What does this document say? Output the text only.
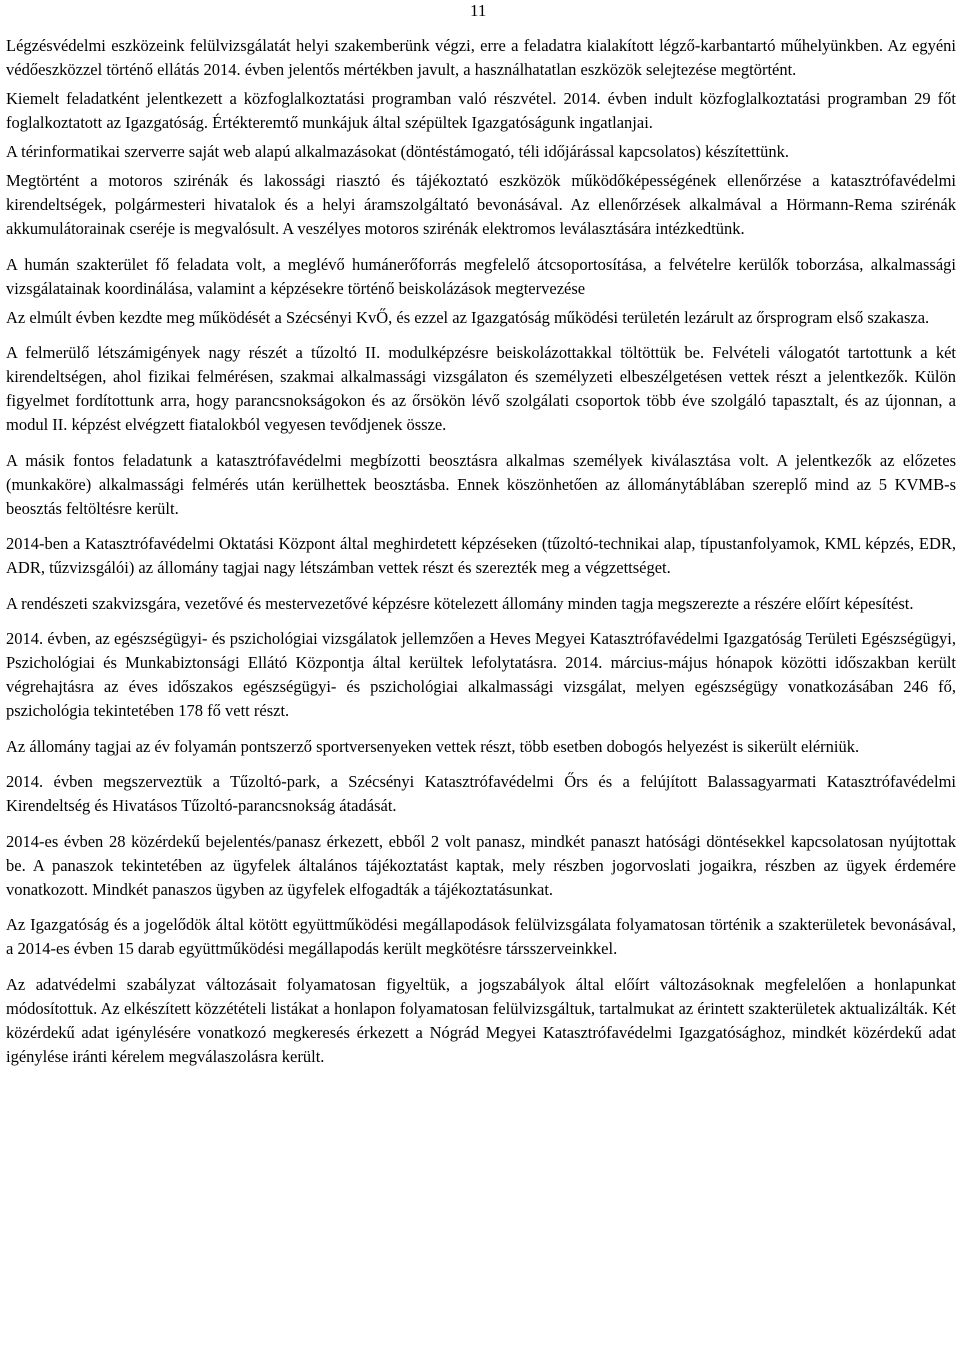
11

Légzésvédelmi eszközeink felülvizsgálatát helyi szakemberünk végzi, erre a feladatra kialakított légző-karbantartó műhelyünkben. Az egyéni védőeszközzel történő ellátás 2014. évben jelentős mértékben javult, a használhatatlan eszközök selejtezése megtörtént.

Kiemelt feladatként jelentkezett a közfoglalkoztatási programban való részvétel. 2014. évben indult közfoglalkoztatási programban 29 főt foglalkoztatott az Igazgatóság. Értékteremtő munkájuk által szépültek Igazgatóságunk ingatlanjai.

A térinformatikai szerverre saját web alapú alkalmazásokat (döntéstámogató, téli időjárással kapcsolatos) készítettünk.

Megtörtént a motoros szirénák és lakossági riasztó és tájékoztató eszközök működőképességének ellenőrzése a katasztrófavédelmi kirendeltségek, polgármesteri hivatalok és a helyi áramszolgáltató bevonásával. Az ellenőrzések alkalmával a Hörmann-Rema szirénák akkumulátorainak cseréje is megvalósult. A veszélyes motoros szirénák elektromos leválasztására intézkedtünk.

A humán szakterület fő feladata volt, a meglévő humánerőforrás megfelelő átcsoportosítása, a felvételre kerülők toborzása, alkalmassági vizsgálatainak koordinálása, valamint a képzésekre történő beiskolázások megtervezése

Az elmúlt évben kezdte meg működését a Szécsényi KvŐ, és ezzel az Igazgatóság működési területén lezárult az őrsprogram első szakasza.

A felmerülő létszámigények nagy részét a tűzoltó II. modulképzésre beiskolázottakkal töltöttük be. Felvételi válogatót tartottunk a két kirendeltségen, ahol fizikai felmérésen, szakmai alkalmassági vizsgálaton és személyzeti elbeszélgetésen vettek részt a jelentkezők. Külön figyelmet fordítottunk arra, hogy parancsnokságokon és az őrsökön lévő szolgálati csoportok több éve szolgáló tapasztalt, és az újonnan, a modul II. képzést elvégzett fiatalokból vegyesen tevődjenek össze.

A másik fontos feladatunk a katasztrófavédelmi megbízotti beosztásra alkalmas személyek kiválasztása volt. A jelentkezők az előzetes (munkaköre) alkalmassági felmérés után kerülhettek beosztásba. Ennek köszönhetően az állománytáblában szereplő mind az 5 KVMB-s beosztás feltöltésre került.

2014-ben a Katasztrófavédelmi Oktatási Központ által meghirdetett képzéseken (tűzoltó-technikai alap, típustanfolyamok, KML képzés, EDR, ADR, tűzvizsgálói) az állomány tagjai nagy létszámban vettek részt és szerezték meg a végzettséget.

A rendészeti szakvizsgára, vezetővé és mestervezetővé képzésre kötelezett állomány minden tagja megszerezte a részére előírt képesítést.

2014. évben, az egészségügyi- és pszichológiai vizsgálatok jellemzően a Heves Megyei Katasztrófavédelmi Igazgatóság Területi Egészségügyi, Pszichológiai és Munkabiztonsági Ellátó Központja által kerültek lefolytatásra. 2014. március-május hónapok közötti időszakban került végrehajtásra az éves időszakos egészségügyi- és pszichológiai alkalmassági vizsgálat, melyen egészségügy vonatkozásában 246 fő, pszichológia tekintetében 178 fő vett részt.

Az állomány tagjai az év folyamán pontszerző sportversenyeken vettek részt, több esetben dobogós helyezést is sikerült elérniük.

2014. évben megszerveztük a Tűzoltó-park, a Szécsényi Katasztrófavédelmi Őrs és a felújított Balassagyarmati Katasztrófavédelmi Kirendeltség és Hivatásos Tűzoltó-parancsnokság átadását.

2014-es évben 28 közérdekű bejelentés/panasz érkezett, ebből 2 volt panasz, mindkét panaszt hatósági döntésekkel kapcsolatosan nyújtottak be. A panaszok tekintetében az ügyfelek általános tájékoztatást kaptak, mely részben jogorvoslati jogaikra, részben az ügyek érdemére vonatkozott. Mindkét panaszos ügyben az ügyfelek elfogadták a tájékoztatásunkat.

Az Igazgatóság és a jogelődök által kötött együttműködési megállapodások felülvizsgálata folyamatosan történik a szakterületek bevonásával, a 2014-es évben 15 darab együttműködési megállapodás került megkötésre társszerveinkkel.

Az adatvédelmi szabályzat változásait folyamatosan figyeltük, a jogszabályok által előírt változásoknak megfelelően a honlapunkat módosítottuk. Az elkészített közzétételi listákat a honlapon folyamatosan felülvizsgáltuk, tartalmukat az érintett szakterületek aktualizálták. Két közérdekű adat igénylésére vonatkozó megkeresés érkezett a Nógrád Megyei Katasztrófavédelmi Igazgatósághoz, mindkét közérdekű adat igénylése iránti kérelem megválaszolásra került.
